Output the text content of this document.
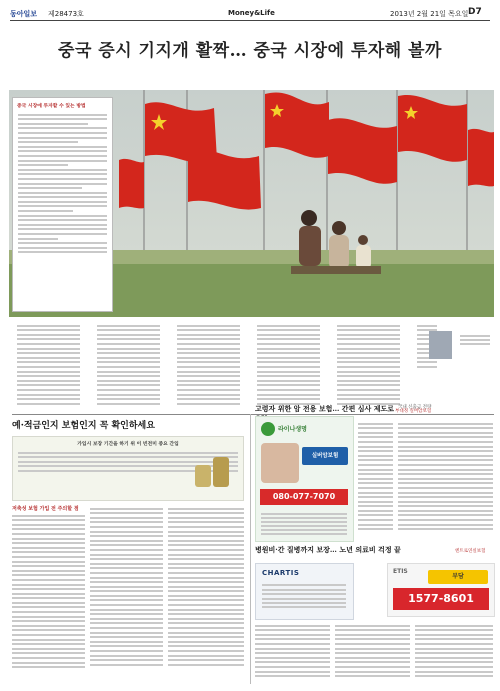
동아일보 제28473호	Money&Life	2013년 2월 21일 목요일 D7
중국 증시 기지개 활짝… 중국 시장에 투자해 볼까
중국 시장에 투자할 수 있는 방법
예·적금인지 보험인지 꼭 확인하세요
가입시 보장 기간을 하기 위 이 빈전미 중요 간입
저축성 보험 가입 전 주의할 점
국내 신출금 전략
고령자 위한 암 전용 보험… 간편 심사 제도로 부대정 실버암보험
라이나생명
실버암보험
080-077-7070
병원비·간 질병까지 보장… 노년 의료비 걱정 끝	엔트로연실보험
CHARTIS	ETIS
부담
1577-8601
